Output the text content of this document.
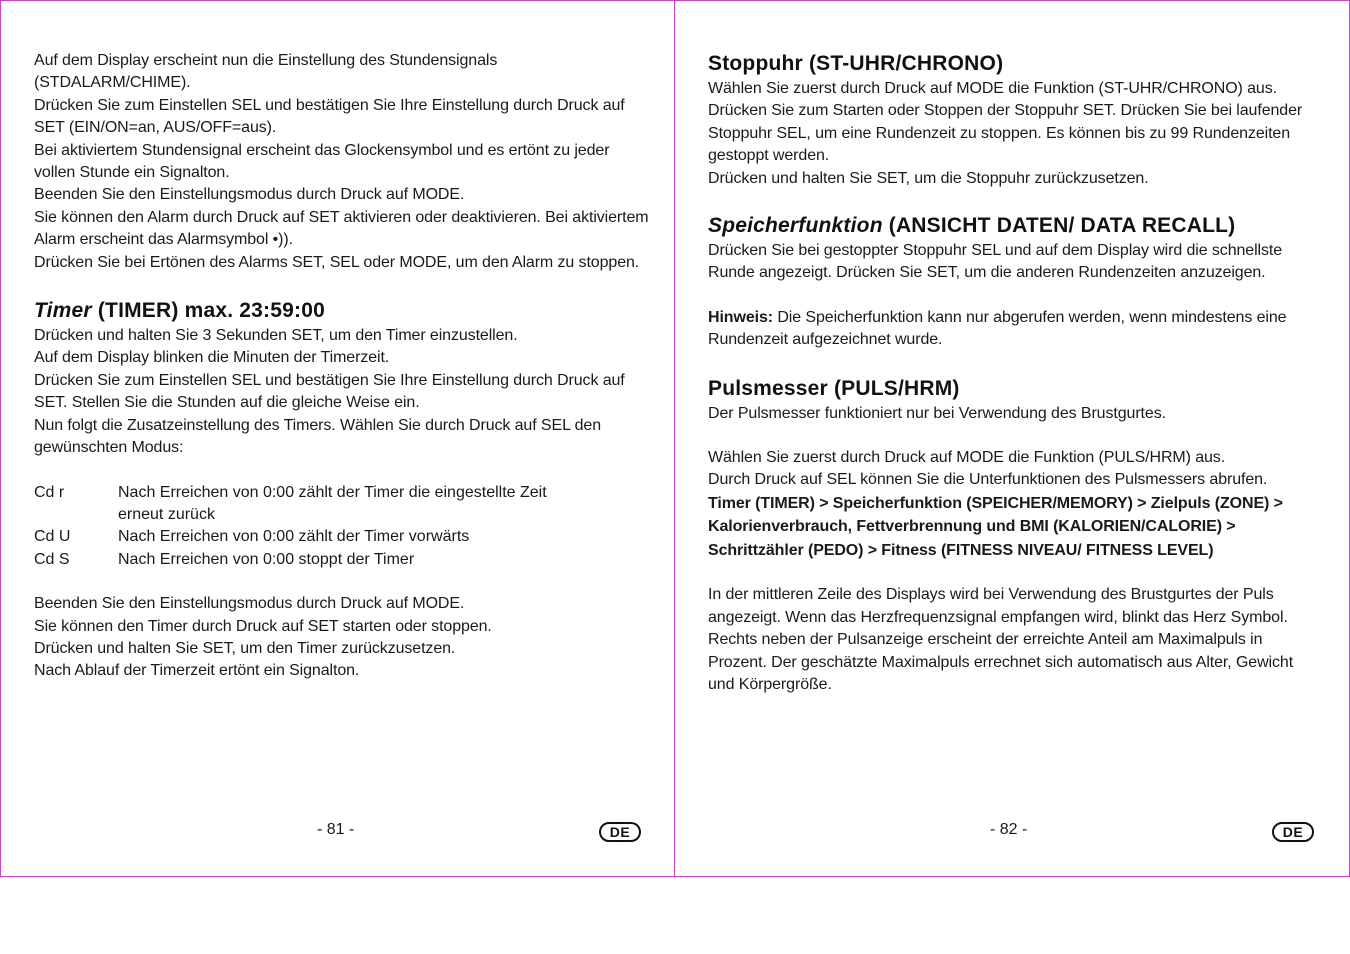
Auf dem Display erscheint nun die Einstellung des Stundensignals (STDALARM/CHIME).

Drücken Sie zum Einstellen SEL und bestätigen Sie Ihre Einstellung durch Druck auf SET (EIN/ON=an, AUS/OFF=aus).

Bei aktiviertem Stundensignal erscheint das Glockensymbol und es ertönt zu jeder vollen Stunde ein Signalton.

Beenden Sie den Einstellungsmodus durch Druck auf MODE.

Sie können den Alarm durch Druck auf SET aktivieren oder deaktivieren. Bei aktiviertem Alarm erscheint das Alarmsymbol •)).

Drücken Sie bei Ertönen des Alarms SET, SEL oder MODE, um den Alarm zu stoppen.

Timer (TIMER) max. 23:59:00

Drücken und halten Sie 3 Sekunden SET, um den Timer einzustellen.

Auf dem Display blinken die Minuten der Timerzeit.

Drücken Sie zum Einstellen SEL und bestätigen Sie Ihre Einstellung durch Druck auf SET. Stellen Sie die Stunden auf die gleiche Weise ein.

Nun folgt die Zusatzeinstellung des Timers. Wählen Sie durch Druck auf SEL den gewünschten Modus:

Cd r	Nach Erreichen von 0:00 zählt der Timer die eingestellte Zeit erneut zurück
Cd U	Nach Erreichen von 0:00 zählt der Timer vorwärts
Cd S	Nach Erreichen von 0:00 stoppt der Timer

Beenden Sie den Einstellungsmodus durch Druck auf MODE.

Sie können den Timer durch Druck auf SET starten oder stoppen.

Drücken und halten Sie SET, um den Timer zurückzusetzen.

Nach Ablauf der Timerzeit ertönt ein Signalton.

- 81 -	DE
Stoppuhr (ST-UHR/CHRONO)

Wählen Sie zuerst durch Druck auf MODE die Funktion (ST-UHR/CHRONO) aus.

Drücken Sie zum Starten oder Stoppen der Stoppuhr SET. Drücken Sie bei laufender Stoppuhr SEL, um eine Rundenzeit zu stoppen. Es können bis zu 99 Rundenzeiten gestoppt werden.

Drücken und halten Sie SET, um die Stoppuhr zurückzusetzen.

Speicherfunktion (ANSICHT DATEN/ DATA RECALL)

Drücken Sie bei gestoppter Stoppuhr SEL und auf dem Display wird die schnellste Runde angezeigt. Drücken Sie SET, um die anderen Rundenzeiten anzuzeigen.

Hinweis: Die Speicherfunktion kann nur abgerufen werden, wenn mindestens eine Rundenzeit aufgezeichnet wurde.

Pulsmesser (PULS/HRM)

Der Pulsmesser funktioniert nur bei Verwendung des Brustgurtes.

Wählen Sie zuerst durch Druck auf MODE die Funktion (PULS/HRM) aus.

Durch Druck auf SEL können Sie die Unterfunktionen des Pulsmessers abrufen.

Timer (TIMER) > Speicherfunktion (SPEICHER/MEMORY) > Zielpuls (ZONE) > Kalorienverbrauch, Fettverbrennung und BMI (KALORIEN/CALORIE) > Schrittzähler (PEDO) > Fitness (FITNESS NIVEAU/ FITNESS LEVEL)

In der mittleren Zeile des Displays wird bei Verwendung des Brustgurtes der Puls angezeigt. Wenn das Herzfrequenzsignal empfangen wird, blinkt das Herz Symbol.

Rechts neben der Pulsanzeige erscheint der erreichte Anteil am Maximalpuls in Prozent. Der geschätzte Maximalpuls errechnet sich automatisch aus Alter, Gewicht und Körpergröße.

- 82 -	DE
